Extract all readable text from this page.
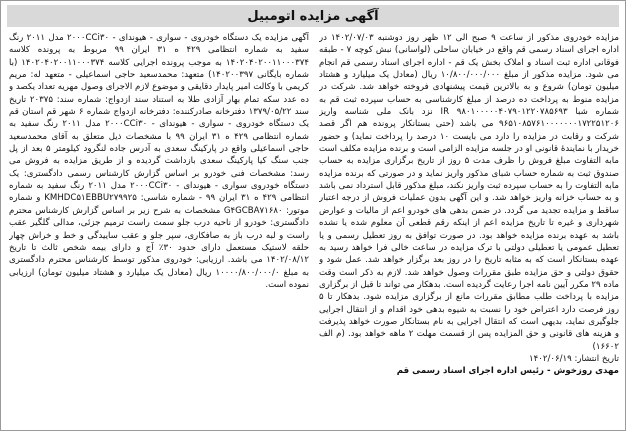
آگهی مزایده اتومبیل

آگهی مزایده یک دستگاه خودروی - سواری - هیوندای - ۲۰۰۰CCi۳۰ مدل ۲۰۱۱ رنگ سفید به شماره انتظامی ۴۲۹ ه ۳۱ ایران ۹۹ مربوط به پرونده کلاسه ۱۴۰۲۰۴۰۲۰۰۱۱۰۰۰۳۷۴ به موجب پرونده اجرایی کلاسه ۱۴۰۲۰۴۰۲۰۰۱۱۰۰۰۳۷۴ (با شماره بایگانی ۱۴۰۲۰۰۳۹۷) متعهد: محمدسعید حاجی اسماعیلی - متعهد له: مریم کریمی با وکالت امیر پایدار دقایقی و موضوع لازم الاجرای وصول مهریه تعداد یکصد و ده عدد سکه تمام بهار آزادی طلا به استناد سند ازدواج: شماره سند: ۲۰۳۷۵ تاریخ سند ۱۳۷۹/۰۵/۲۲ دفترخانه صادرکننده: دفترخانه ازدواج شماره ۶ شهر قم استان قم یک دستگاه خودروی - سواری - هیوندای - ۲۰۰۰CCi۳۰ مدل ۲۰۱۱ رنگ سفید به شماره انتظامی ۴۲۹ ه ۳۱ ایران ۹۹ با مشخصات ذیل متعلق به آقای محمدسعید حاجی اسماعیلی واقع در پارکینگ سعدی به آدرس جاده لنگرود کیلومتر ۵ بعد از پل جنب سنگ کیا پارکینگ سعدی بازداشت گردیده و از طریق مزایده به فروش می رسد: مشخصات فنی خودرو بر اساس گزارش کارشناس رسمی دادگستری: یک دستگاه خودروی سواری - هیوندای - ۲۰۰۰CCi۳۰ مدل ۲۰۱۱ رنگ سفید به شماره انتظامی ۴۲۹ ه ۳۱ ایران ۹۹ - شماره شاسی: KMHDC۵۱EBBU۲۷۹۹۲۵ و شماره موتور: G۴GCBA۷۱۶۸۰ مشخصات به شرح زیر بر اساس گزارش کارشناس محترم دادگستری: خودرو از ناحیه درب جلو سمت راست ترمیم جزئی، مدالی گلگیر عقب راست و لبه درب باز به صافکاری، سپر جلو و عقب ساییدگی و خط و خراش چهار حلقه لاستیک مستعمل دارای حدود ۳۰٪ آج و دارای بیمه شخص ثالث تا تاریخ ۱۴۰۲/۰۸/۱۲ می باشد. ارزیابی: خودروی مذکور توسط کارشناس محترم دادگستری به مبلغ ۱۰۰۰۰/۸۰۰/۰۰۰/۰ ریال (معادل یک میلیارد و هشتاد میلیون تومان) ارزیابی نموده است.

مزایده خودروی مذکور از ساعت ۹ صبح الی ۱۲ ظهر روز دوشنبه ۱۴۰۲/۰۷/۰۳ در اداره اجرای اسناد رسمی قم واقع در خیابان ساحلی (لواسانی) نبش کوچه ۷ - طبقه فوقانی اداره ثبت اسناد و املاک بخش یک قم - اداره اجرای اسناد رسمی قم انجام می شود. مزایده مذکور از مبلغ ۱۰/۸۰۰/۰۰۰/۰۰۰ ریال (معادل یک میلیارد و هشتاد میلیون تومان) شروع و به بالاترین قیمت پیشنهادی فروخته خواهد شد. شرکت در مزایده منوط به پرداخت ده درصد از مبلغ کارشناسی به حساب سپرده ثبت قم به شماره شبا IR ۹۸۰۱۰۰۰۰۰۴۰۷۹۰۱۲۲۰۷۸۵۶۹۳ نزد بانک ملی شناسه واریز ۹۶۵۱۰۸۵۷۶۱۰۰۰۰۰۰۰۱۷۲۲۵۱۲۰۶ می باشد (حتی بستانکار پرونده هم اگر قصد شرکت و رقابت در مزایده را دارد می بایست ۱۰ درصد را پرداخت نماید) و حضور خریدار با نمایندهٔ قانونی او در جلسه مزایده الزامی است و برنده مزایده مکلف است مابه التفاوت مبلغ فروش را ظرف مدت ۵ روز از تاریخ برگزاری مزایده به حساب صندوق ثبت به شماره حساب شبای مذکور واریز نماید و در صورتی که برنده مزایده مابه التفاوت را به حساب سپرده ثبت واریز نکند، مبلغ مذکور قابل استرداد نمی باشد و به حساب خزانه واریز خواهد شد. و این آگهی بدون عملیات فروش از درجه اعتبار ساقط و مزایده تجدید می گردد. در ضمن بدهی های خودرو اعم از مالیات و عوارض شهرداری و غیره تا تاریخ مزایده اعم از اینکه رقم قطعی آن معلوم شده یا نشده باشد به عهده برنده مزایده خواهد بود. در صورت توافق به روز تعطیل رسمی و یا تعطیل عمومی یا تعطیلی دولتی با ترک مزایده در ساعت خالی فرا خواهد رسید به عهده بستانکار است که به مثابه تاریخ را در روز بعد برگزار خواهد شد. عمل شود و حقوق دولتی و حق مزایده طبق مقررات وصول خواهد شد. لازم به ذکر است وقت ماده ۲۹ مکرر آیین نامه اجرا رعایت گردیده است. بدهکار می تواند تا قبل از برگزاری مزایده با پرداخت طلب مطابق مقررات مانع از برگزاری مزایده شود. بدهکار تا ۵ روز فرصت دارد اعتراض خود را نسبت به شیوه بدهی خود اقدام و از انتقال اجرایی جلوگیری نماید، بدیهی است که انتقال اجرایی به نام بستانکار صورت خواهد پذیرفت و هزینه های قانونی و حق المزایده پس از قسمت مهلت ۲ ماهه خواهد بود. (م الف ۱۶۶۰۲)

تاریخ انتشار: ۱۴۰۲/۰۶/۱۹

مهدی روزخوش - رئیس اداره اجرای اسناد رسمی قم
